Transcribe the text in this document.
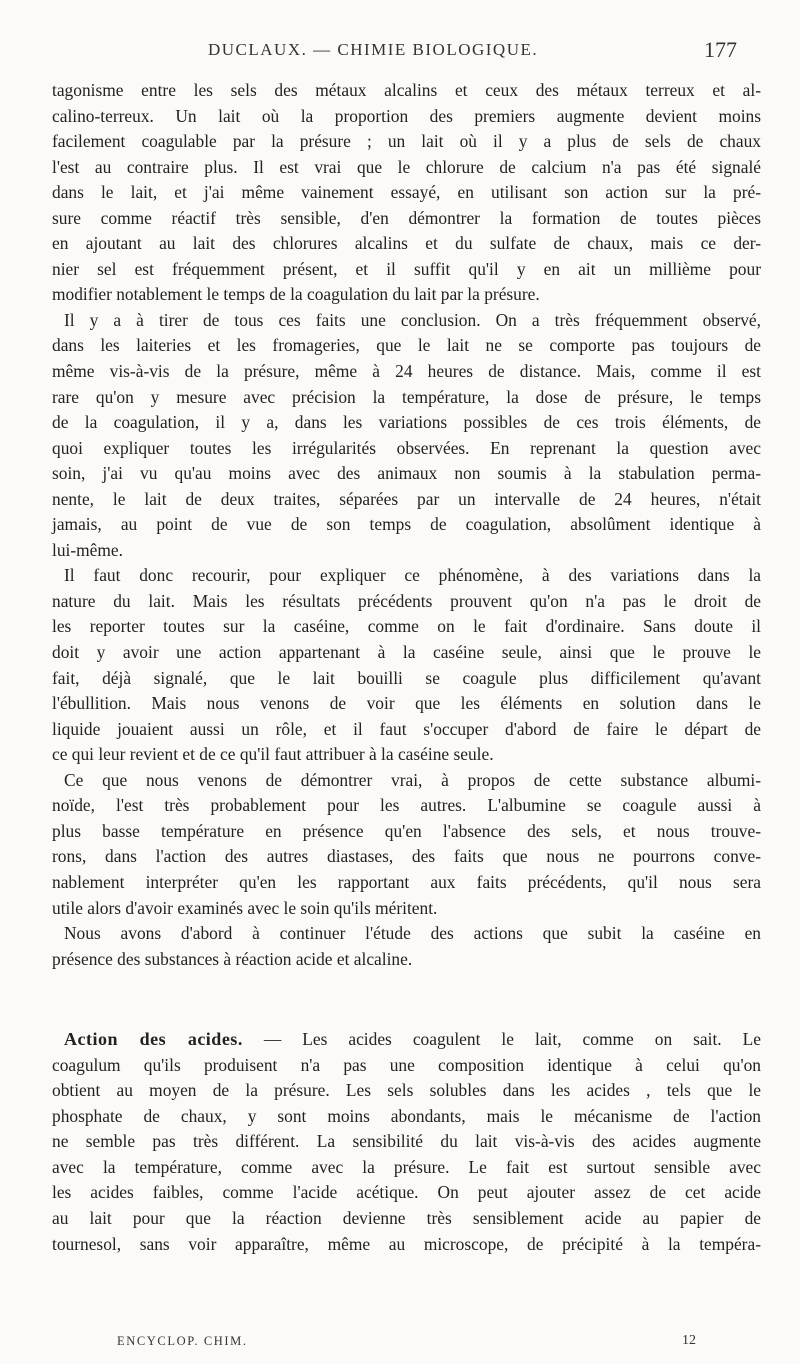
DUCLAUX. — CHIMIE BIOLOGIQUE.	177
tagonisme entre les sels des métaux alcalins et ceux des métaux terreux et al-
calino-terreux. Un lait où la proportion des premiers augmente devient moins
facilement coagulable par la présure ; un lait où il y a plus de sels de chaux
l'est au contraire plus. Il est vrai que le chlorure de calcium n'a pas été signalé
dans le lait, et j'ai même vainement essayé, en utilisant son action sur la pré-
sure comme réactif très sensible, d'en démontrer la formation de toutes pièces
en ajoutant au lait des chlorures alcalins et du sulfate de chaux, mais ce der-
nier sel est fréquemment présent, et il suffit qu'il y en ait un millième pour
modifier notablement le temps de la coagulation du lait par la présure.
Il y a à tirer de tous ces faits une conclusion. On a très fréquemment observé,
dans les laiteries et les fromageries, que le lait ne se comporte pas toujours de
même vis-à-vis de la présure, même à 24 heures de distance. Mais, comme il est
rare qu'on y mesure avec précision la température, la dose de présure, le temps
de la coagulation, il y a, dans les variations possibles de ces trois éléments, de
quoi expliquer toutes les irrégularités observées. En reprenant la question avec
soin, j'ai vu qu'au moins avec des animaux non soumis à la stabulation perma-
nente, le lait de deux traites, séparées par un intervalle de 24 heures, n'était
jamais, au point de vue de son temps de coagulation, absolûment identique à
lui-même.
Il faut donc recourir, pour expliquer ce phénomène, à des variations dans la
nature du lait. Mais les résultats précédents prouvent qu'on n'a pas le droit de
les reporter toutes sur la caséine, comme on le fait d'ordinaire. Sans doute il
doit y avoir une action appartenant à la caséine seule, ainsi que le prouve le
fait, déjà signalé, que le lait bouilli se coagule plus difficilement qu'avant
l'ébullition. Mais nous venons de voir que les éléments en solution dans le
liquide jouaient aussi un rôle, et il faut s'occuper d'abord de faire le départ de
ce qui leur revient et de ce qu'il faut attribuer à la caséine seule.
Ce que nous venons de démontrer vrai, à propos de cette substance albumi-
noïde, l'est très probablement pour les autres. L'albumine se coagule aussi à
plus basse température en présence qu'en l'absence des sels, et nous trouve-
rons, dans l'action des autres diastases, des faits que nous ne pourrons conve-
nablement interpréter qu'en les rapportant aux faits précédents, qu'il nous sera
utile alors d'avoir examinés avec le soin qu'ils méritent.
Nous avons d'abord à continuer l'étude des actions que subit la caséine en
présence des substances à réaction acide et alcaline.
Action des acides. — Les acides coagulent le lait, comme on sait. Le
coagulum qu'ils produisent n'a pas une composition identique à celui qu'on
obtient au moyen de la présure. Les sels solubles dans les acides , tels que le
phosphate de chaux, y sont moins abondants, mais le mécanisme de l'action
ne semble pas très différent. La sensibilité du lait vis-à-vis des acides augmente
avec la température, comme avec la présure. Le fait est surtout sensible avec
les acides faibles, comme l'acide acétique. On peut ajouter assez de cet acide
au lait pour que la réaction devienne très sensiblement acide au papier de
tournesol, sans voir apparaître, même au microscope, de précipité à la tempéra-
ENCYCLOP. CHIM.	12
